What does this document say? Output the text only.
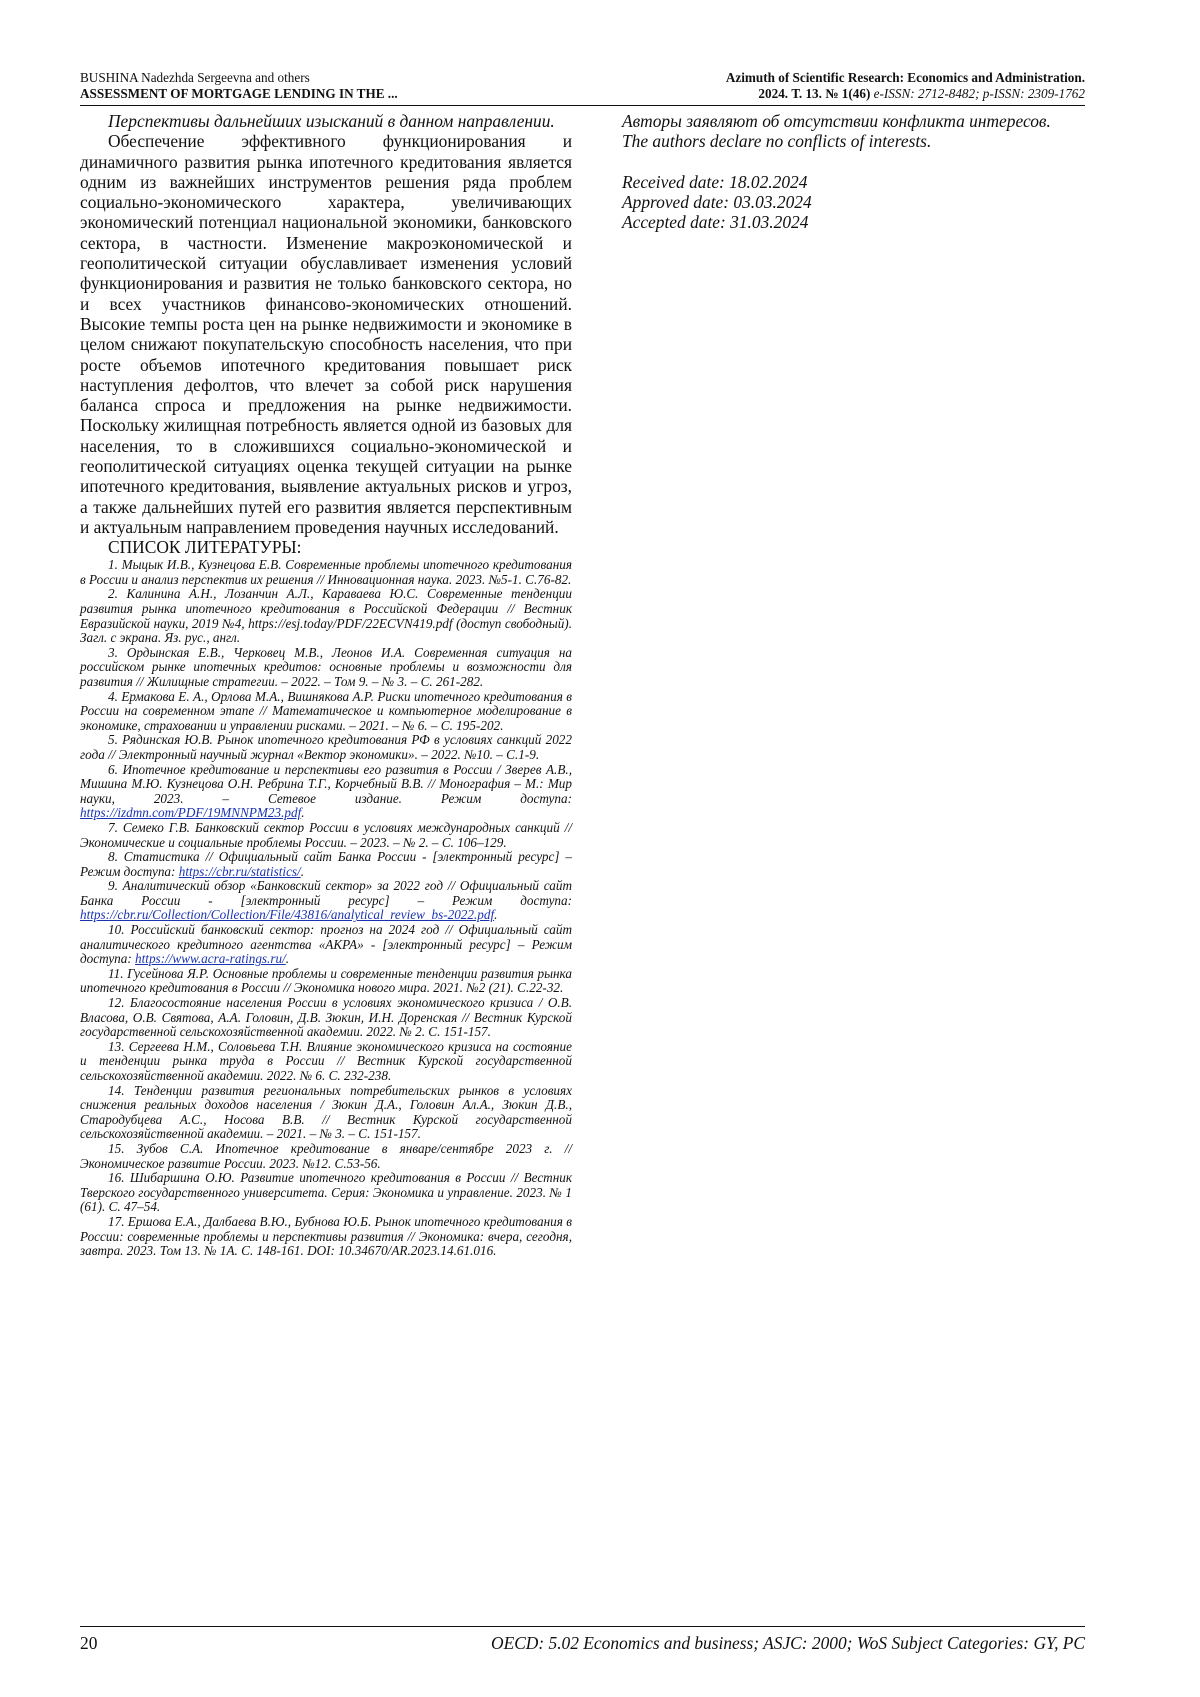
BUSHINA Nadezhda Sergeevna and others
ASSESSMENT OF MORTGAGE LENDING IN THE ...
Azimuth of Scientific Research: Economics and Administration.
2024. Т. 13. № 1(46) e-ISSN: 2712-8482; p-ISSN: 2309-1762

Перспективы дальнейших изысканий в данном направлении.

Обеспечение эффективного функционирования и динамичного развития рынка ипотечного кредитования является одним из важнейших инструментов решения ряда проблем социально-экономического характера, увеличивающих экономический потенциал национальной экономики, банковского сектора, в частности. Изменение макроэкономической и геополитической ситуации обуславливает изменения условий функционирования и развития не только банковского сектора, но и всех участников финансово-экономических отношений. Высокие темпы роста цен на рынке недвижимости и экономике в целом снижают покупательскую способность населения, что при росте объемов ипотечного кредитования повышает риск наступления дефолтов, что влечет за собой риск нарушения баланса спроса и предложения на рынке недвижимости. Поскольку жилищная потребность является одной из базовых для населения, то в сложившихся социально-экономической и геополитической ситуациях оценка текущей ситуации на рынке ипотечного кредитования, выявление актуальных рисков и угроз, а также дальнейших путей его развития является перспективным и актуальным направлением проведения научных исследований.

СПИСОК ЛИТЕРАТУРЫ:

1. Мыцык И.В., Кузнецова Е.В. Современные проблемы ипотечного кредитования в России и анализ перспектив их решения // Инновационная наука. 2023. №5-1. С.76-82.

2. Калинина А.Н., Лозанчин А.Л., Караваева Ю.С. Современные тенденции развития рынка ипотечного кредитования в Российской Федерации // Вестник Евразийской науки, 2019 №4, https://esj.today/PDF/22ECVN419.pdf (доступ свободный). Загл. с экрана. Яз. рус., англ.

3. Ордынская Е.В., Черковец М.В., Леонов И.А. Современная ситуация на российском рынке ипотечных кредитов: основные проблемы и возможности для развития // Жилищные стратегии. – 2022. – Том 9. – № 3. – С. 261-282.

4. Ермакова Е. А., Орлова М.А., Вишнякова А.Р. Риски ипотечного кредитования в России на современном этапе // Математическое и компьютерное моделирование в экономике, страховании и управлении рисками. – 2021. – № 6. – С. 195-202.

5. Рядинская Ю.В. Рынок ипотечного кредитования РФ в условиях санкций 2022 года // Электронный научный журнал «Вектор экономики». – 2022. №10. – С.1-9.

6. Ипотечное кредитование и перспективы его развития в России / Зверев А.В., Мишина М.Ю. Кузнецова О.Н. Ребрина Т.Г., Корчебный В.В. // Монография – М.: Мир науки, 2023. – Сетевое издание. Режим доступа: https://izdmn.com/PDF/19MNNPM23.pdf.

7. Семеко Г.В. Банковский сектор России в условиях международных санкций // Экономические и социальные проблемы России. – 2023. – № 2. – С. 106–129.

8. Статистика // Официальный сайт Банка России - [электронный ресурс] – Режим доступа: https://cbr.ru/statistics/.

9. Аналитический обзор «Банковский сектор» за 2022 год // Официальный сайт Банка России - [электронный ресурс] – Режим доступа: https://cbr.ru/Collection/Collection/File/43816/analytical_review_bs-2022.pdf.

10. Российский банковский сектор: прогноз на 2024 год // Официальный сайт аналитического кредитного агентства «АКРА» - [электронный ресурс] – Режим доступа: https://www.acra-ratings.ru/.

11. Гусейнова Я.Р. Основные проблемы и современные тенденции развития рынка ипотечного кредитования в России // Экономика нового мира. 2021. №2 (21). С.22-32.

12. Благосостояние населения России в условиях экономического кризиса / О.В. Власова, О.В. Святова, А.А. Головин, Д.В. Зюкин, И.Н. Доренская // Вестник Курской государственной сельскохозяйственной академии. 2022. № 2. С. 151-157.

13. Сергеева Н.М., Соловьева Т.Н. Влияние экономического кризиса на состояние и тенденции рынка труда в России // Вестник Курской государственной сельскохозяйственной академии. 2022. № 6. С. 232-238.

14. Тенденции развития региональных потребительских рынков в условиях снижения реальных доходов населения / Зюкин Д.А., Головин Ал.А., Зюкин Д.В., Стародубцева А.С., Носова В.В. // Вестник Курской государственной сельскохозяйственной академии. – 2021. – № 3. – С. 151-157.

15. Зубов С.А. Ипотечное кредитование в январе/сентябре 2023 г. // Экономическое развитие России. 2023. №12. С.53-56.

16. Шибаршина О.Ю. Развитие ипотечного кредитования в России // Вестник Тверского государственного университета. Серия: Экономика и управление. 2023. № 1 (61). С. 47–54.

17. Ершова Е.А., Далбаева В.Ю., Бубнова Ю.Б. Рынок ипотечного кредитования в России: современные проблемы и перспективы развития // Экономика: вчера, сегодня, завтра. 2023. Том 13. № 1А. С. 148-161. DOI: 10.34670/AR.2023.14.61.016.

Авторы заявляют об отсутствии конфликта интересов.

The authors declare no conflicts of interests.

Received date: 18.02.2024

Approved date: 03.03.2024

Accepted date: 31.03.2024

20	OECD: 5.02 Economics and business; ASJC: 2000; WoS Subject Categories: GY, PC
